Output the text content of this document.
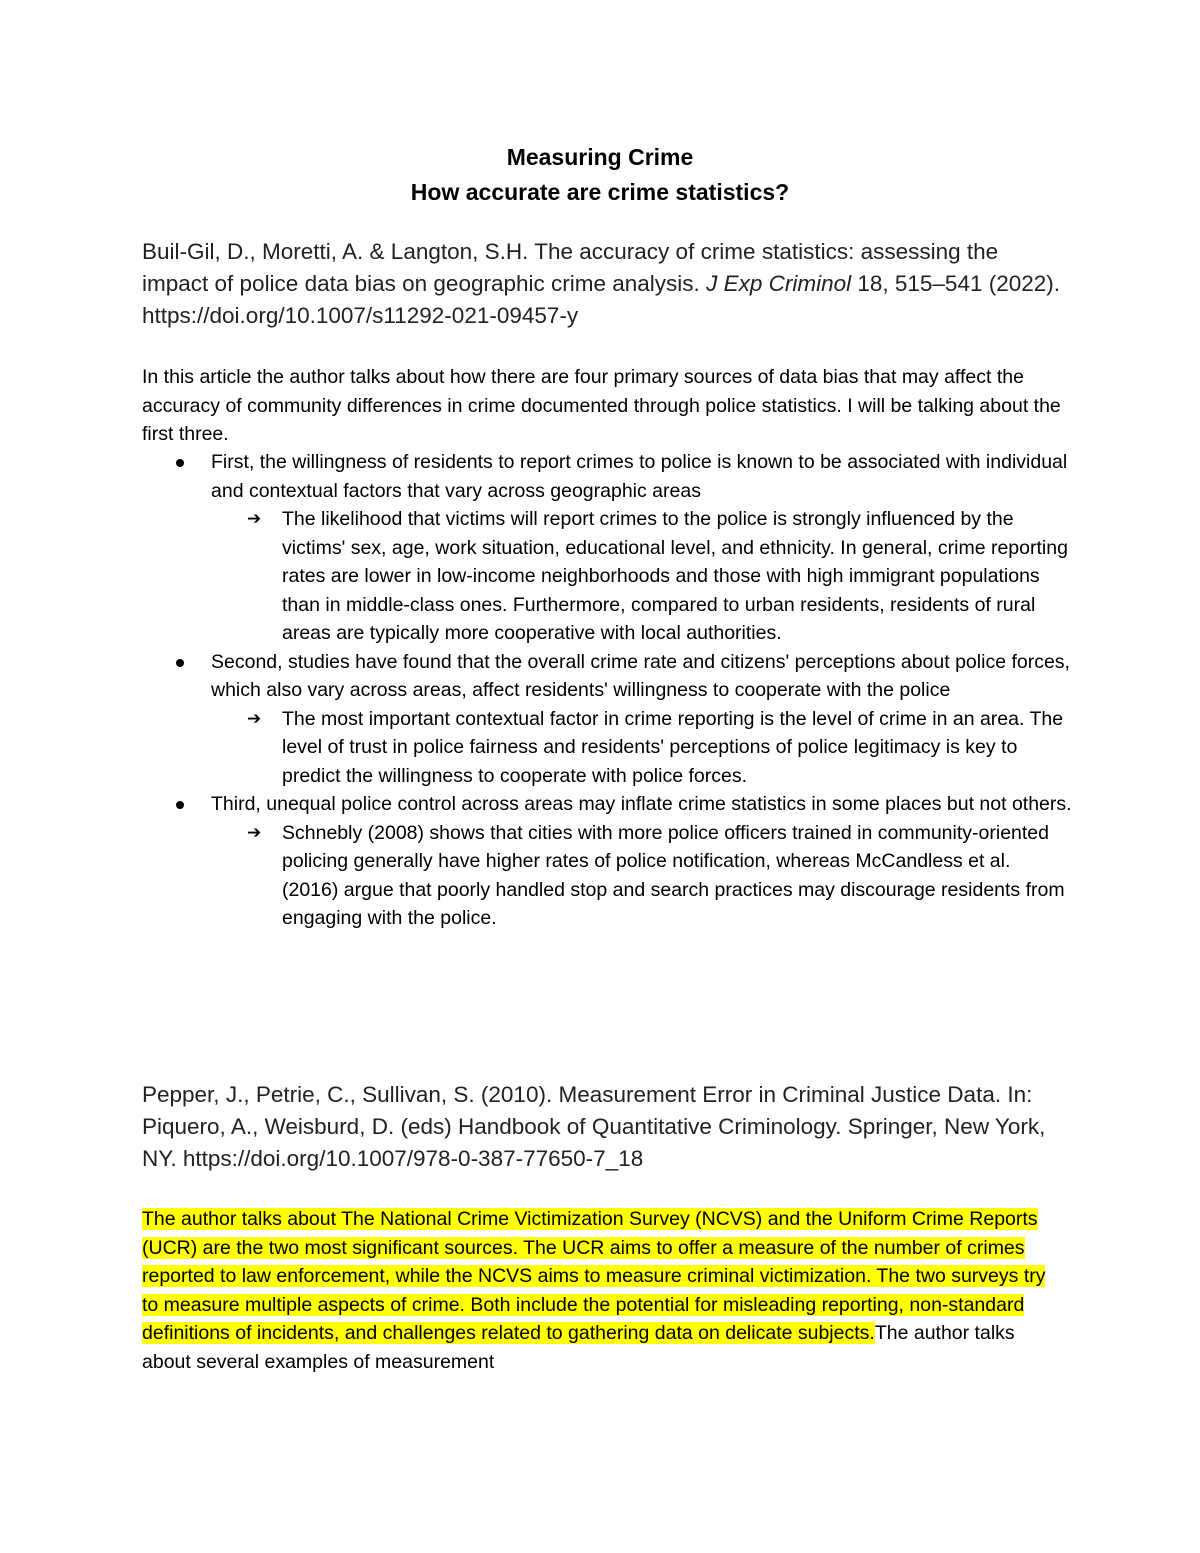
Measuring Crime
How accurate are crime statistics?
Buil-Gil, D., Moretti, A. & Langton, S.H. The accuracy of crime statistics: assessing the impact of police data bias on geographic crime analysis. J Exp Criminol 18, 515–541 (2022). https://doi.org/10.1007/s11292-021-09457-y
In this article the author talks about how there are four primary sources of data bias that may affect the accuracy of community differences in crime documented through police statistics. I will be talking about the first three.
First, the willingness of residents to report crimes to police is known to be associated with individual and contextual factors that vary across geographic areas
➔ The likelihood that victims will report crimes to the police is strongly influenced by the victims' sex, age, work situation, educational level, and ethnicity. In general, crime reporting rates are lower in low-income neighborhoods and those with high immigrant populations than in middle-class ones. Furthermore, compared to urban residents, residents of rural areas are typically more cooperative with local authorities.
Second, studies have found that the overall crime rate and citizens' perceptions about police forces, which also vary across areas, affect residents' willingness to cooperate with the police
➔ The most important contextual factor in crime reporting is the level of crime in an area. The level of trust in police fairness and residents' perceptions of police legitimacy is key to predict the willingness to cooperate with police forces.
Third, unequal police control across areas may inflate crime statistics in some places but not others.
➔ Schnebly (2008) shows that cities with more police officers trained in community-oriented policing generally have higher rates of police notification, whereas McCandless et al. (2016) argue that poorly handled stop and search practices may discourage residents from engaging with the police.
Pepper, J., Petrie, C., Sullivan, S. (2010). Measurement Error in Criminal Justice Data. In: Piquero, A., Weisburd, D. (eds) Handbook of Quantitative Criminology. Springer, New York, NY. https://doi.org/10.1007/978-0-387-77650-7_18
The author talks about The National Crime Victimization Survey (NCVS) and the Uniform Crime Reports (UCR) are the two most significant sources. The UCR aims to offer a measure of the number of crimes reported to law enforcement, while the NCVS aims to measure criminal victimization. The two surveys try to measure multiple aspects of crime. Both include the potential for misleading reporting, non-standard definitions of incidents, and challenges related to gathering data on delicate subjects.The author talks about several examples of measurement
